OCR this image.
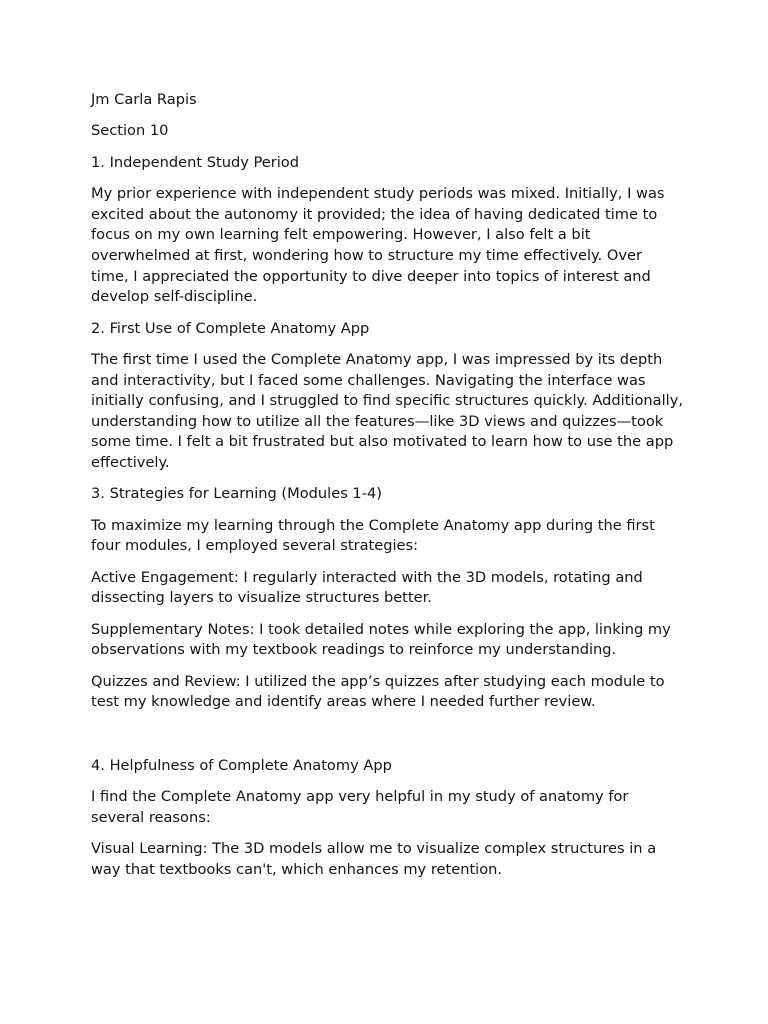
Jm Carla Rapis

Section 10

1. Independent Study Period

My prior experience with independent study periods was mixed. Initially, I was excited about the autonomy it provided; the idea of having dedicated time to focus on my own learning felt empowering. However, I also felt a bit overwhelmed at first, wondering how to structure my time effectively. Over time, I appreciated the opportunity to dive deeper into topics of interest and develop self-discipline.

2. First Use of Complete Anatomy App

The first time I used the Complete Anatomy app, I was impressed by its depth and interactivity, but I faced some challenges. Navigating the interface was initially confusing, and I struggled to find specific structures quickly. Additionally, understanding how to utilize all the features—like 3D views and quizzes—took some time. I felt a bit frustrated but also motivated to learn how to use the app effectively.

3. Strategies for Learning (Modules 1-4)

To maximize my learning through the Complete Anatomy app during the first four modules, I employed several strategies:

Active Engagement: I regularly interacted with the 3D models, rotating and dissecting layers to visualize structures better.

Supplementary Notes: I took detailed notes while exploring the app, linking my observations with my textbook readings to reinforce my understanding.

Quizzes and Review: I utilized the app’s quizzes after studying each module to test my knowledge and identify areas where I needed further review.

4. Helpfulness of Complete Anatomy App

I find the Complete Anatomy app very helpful in my study of anatomy for several reasons:

Visual Learning: The 3D models allow me to visualize complex structures in a way that textbooks can't, which enhances my retention.
